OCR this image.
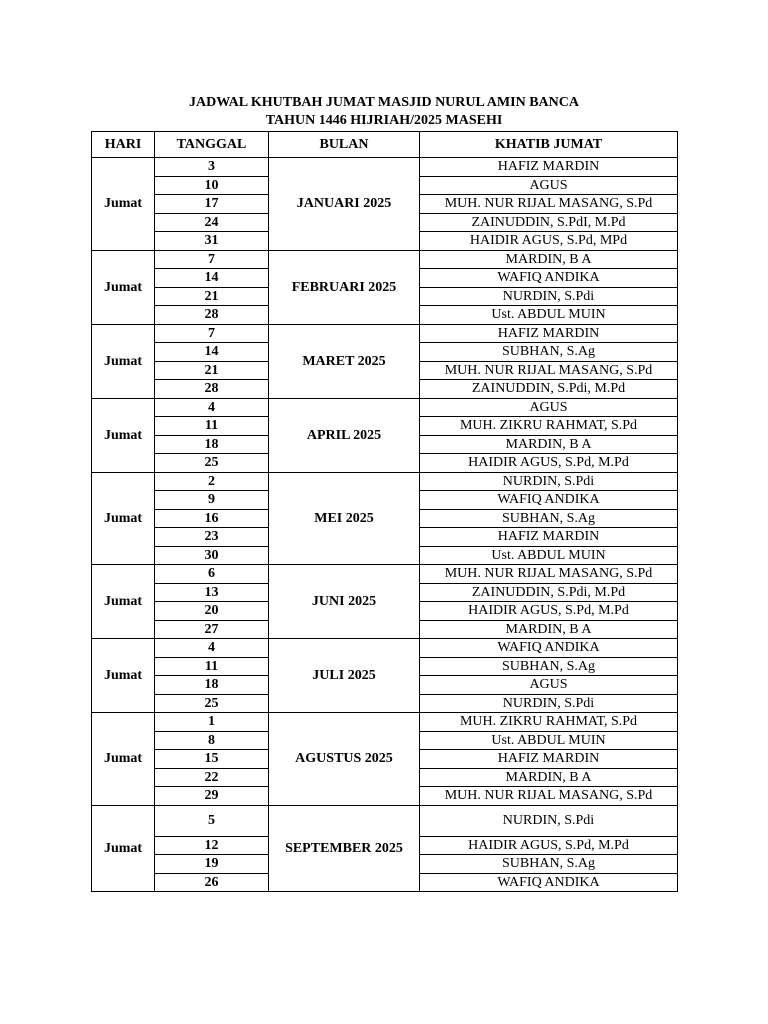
JADWAL KHUTBAH JUMAT MASJID NURUL AMIN BANCA
TAHUN 1446 HIJRIAH/2025 MASEHI
HARI	TANGGAL	BULAN	KHATIB JUMAT
Jumat	3	JANUARI 2025	HAFIZ MARDIN
	10		AGUS
	17		MUH. NUR RIJAL MASANG, S.Pd
	24		ZAINUDDIN, S.PdI, M.Pd
	31		HAIDIR AGUS, S.Pd, MPd
Jumat	7	FEBRUARI 2025	MARDIN, B A
	14		WAFIQ ANDIKA
	21		NURDIN, S.Pdi
	28		Ust. ABDUL MUIN
Jumat	7	MARET 2025	HAFIZ MARDIN
	14		SUBHAN, S.Ag
	21		MUH. NUR RIJAL MASANG, S.Pd
	28		ZAINUDDIN, S.Pdi, M.Pd
Jumat	4	APRIL 2025	AGUS
	11		MUH. ZIKRU RAHMAT, S.Pd
	18		MARDIN, B A
	25		HAIDIR AGUS, S.Pd, M.Pd
Jumat	2	MEI 2025	NURDIN, S.Pdi
	9		WAFIQ ANDIKA
	16		SUBHAN, S.Ag
	23		HAFIZ MARDIN
	30		Ust. ABDUL MUIN
Jumat	6	JUNI 2025	MUH. NUR RIJAL MASANG, S.Pd
	13		ZAINUDDIN, S.Pdi, M.Pd
	20		HAIDIR AGUS, S.Pd, M.Pd
	27		MARDIN, B A
Jumat	4	JULI 2025	WAFIQ ANDIKA
	11		SUBHAN, S.Ag
	18		AGUS
	25		NURDIN, S.Pdi
Jumat	1	AGUSTUS 2025	MUH. ZIKRU RAHMAT, S.Pd
	8		Ust. ABDUL MUIN
	15		HAFIZ MARDIN
	22		MARDIN, B A
	29		MUH. NUR RIJAL MASANG, S.Pd
Jumat	5	SEPTEMBER 2025	NURDIN, S.Pdi
	12		HAIDIR AGUS, S.Pd, M.Pd
	19		SUBHAN, S.Ag
	26		WAFIQ ANDIKA
